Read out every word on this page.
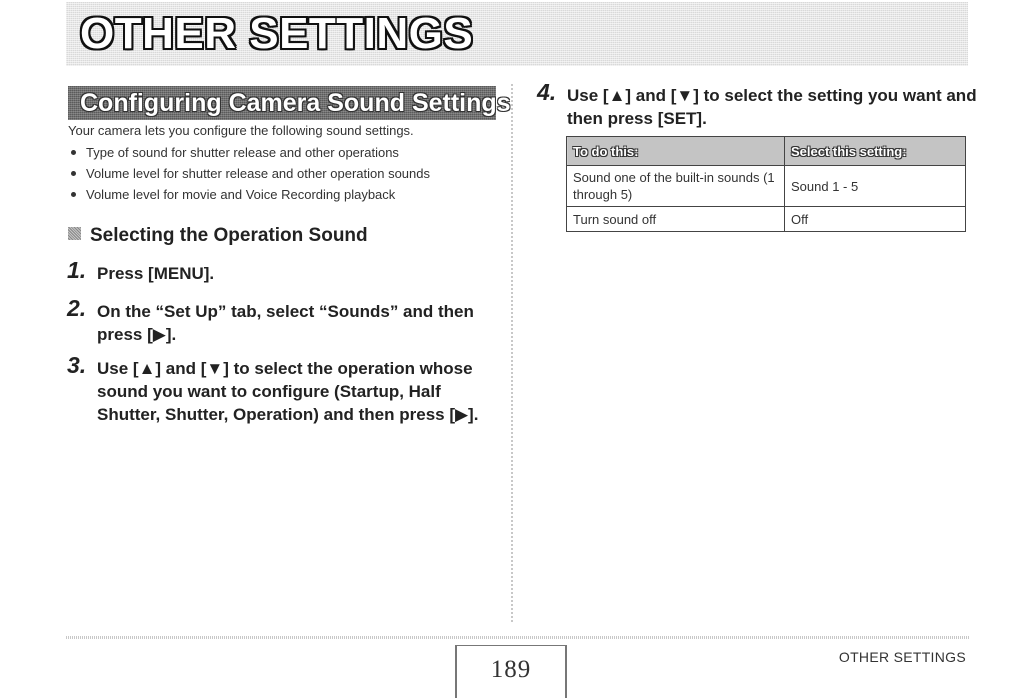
OTHER SETTINGS
Configuring Camera Sound Settings

Your camera lets you configure the following sound settings.

Type of sound for shutter release and other operations
Volume level for shutter release and other operation sounds
Volume level for movie and Voice Recording playback
Selecting the Operation Sound

1. Press [MENU].

2. On the “Set Up” tab, select “Sounds” and then press [▶].

3. Use [▲] and [▼] to select the operation whose sound you want to configure (Startup, Half Shutter, Shutter, Operation) and then press [▶].

4. Use [▲] and [▼] to select the setting you want and then press [SET].

To do this:	Select this setting:
Sound one of the built-in sounds (1 through 5)	Sound 1 - 5
Turn sound off	Off

189	OTHER SETTINGS
